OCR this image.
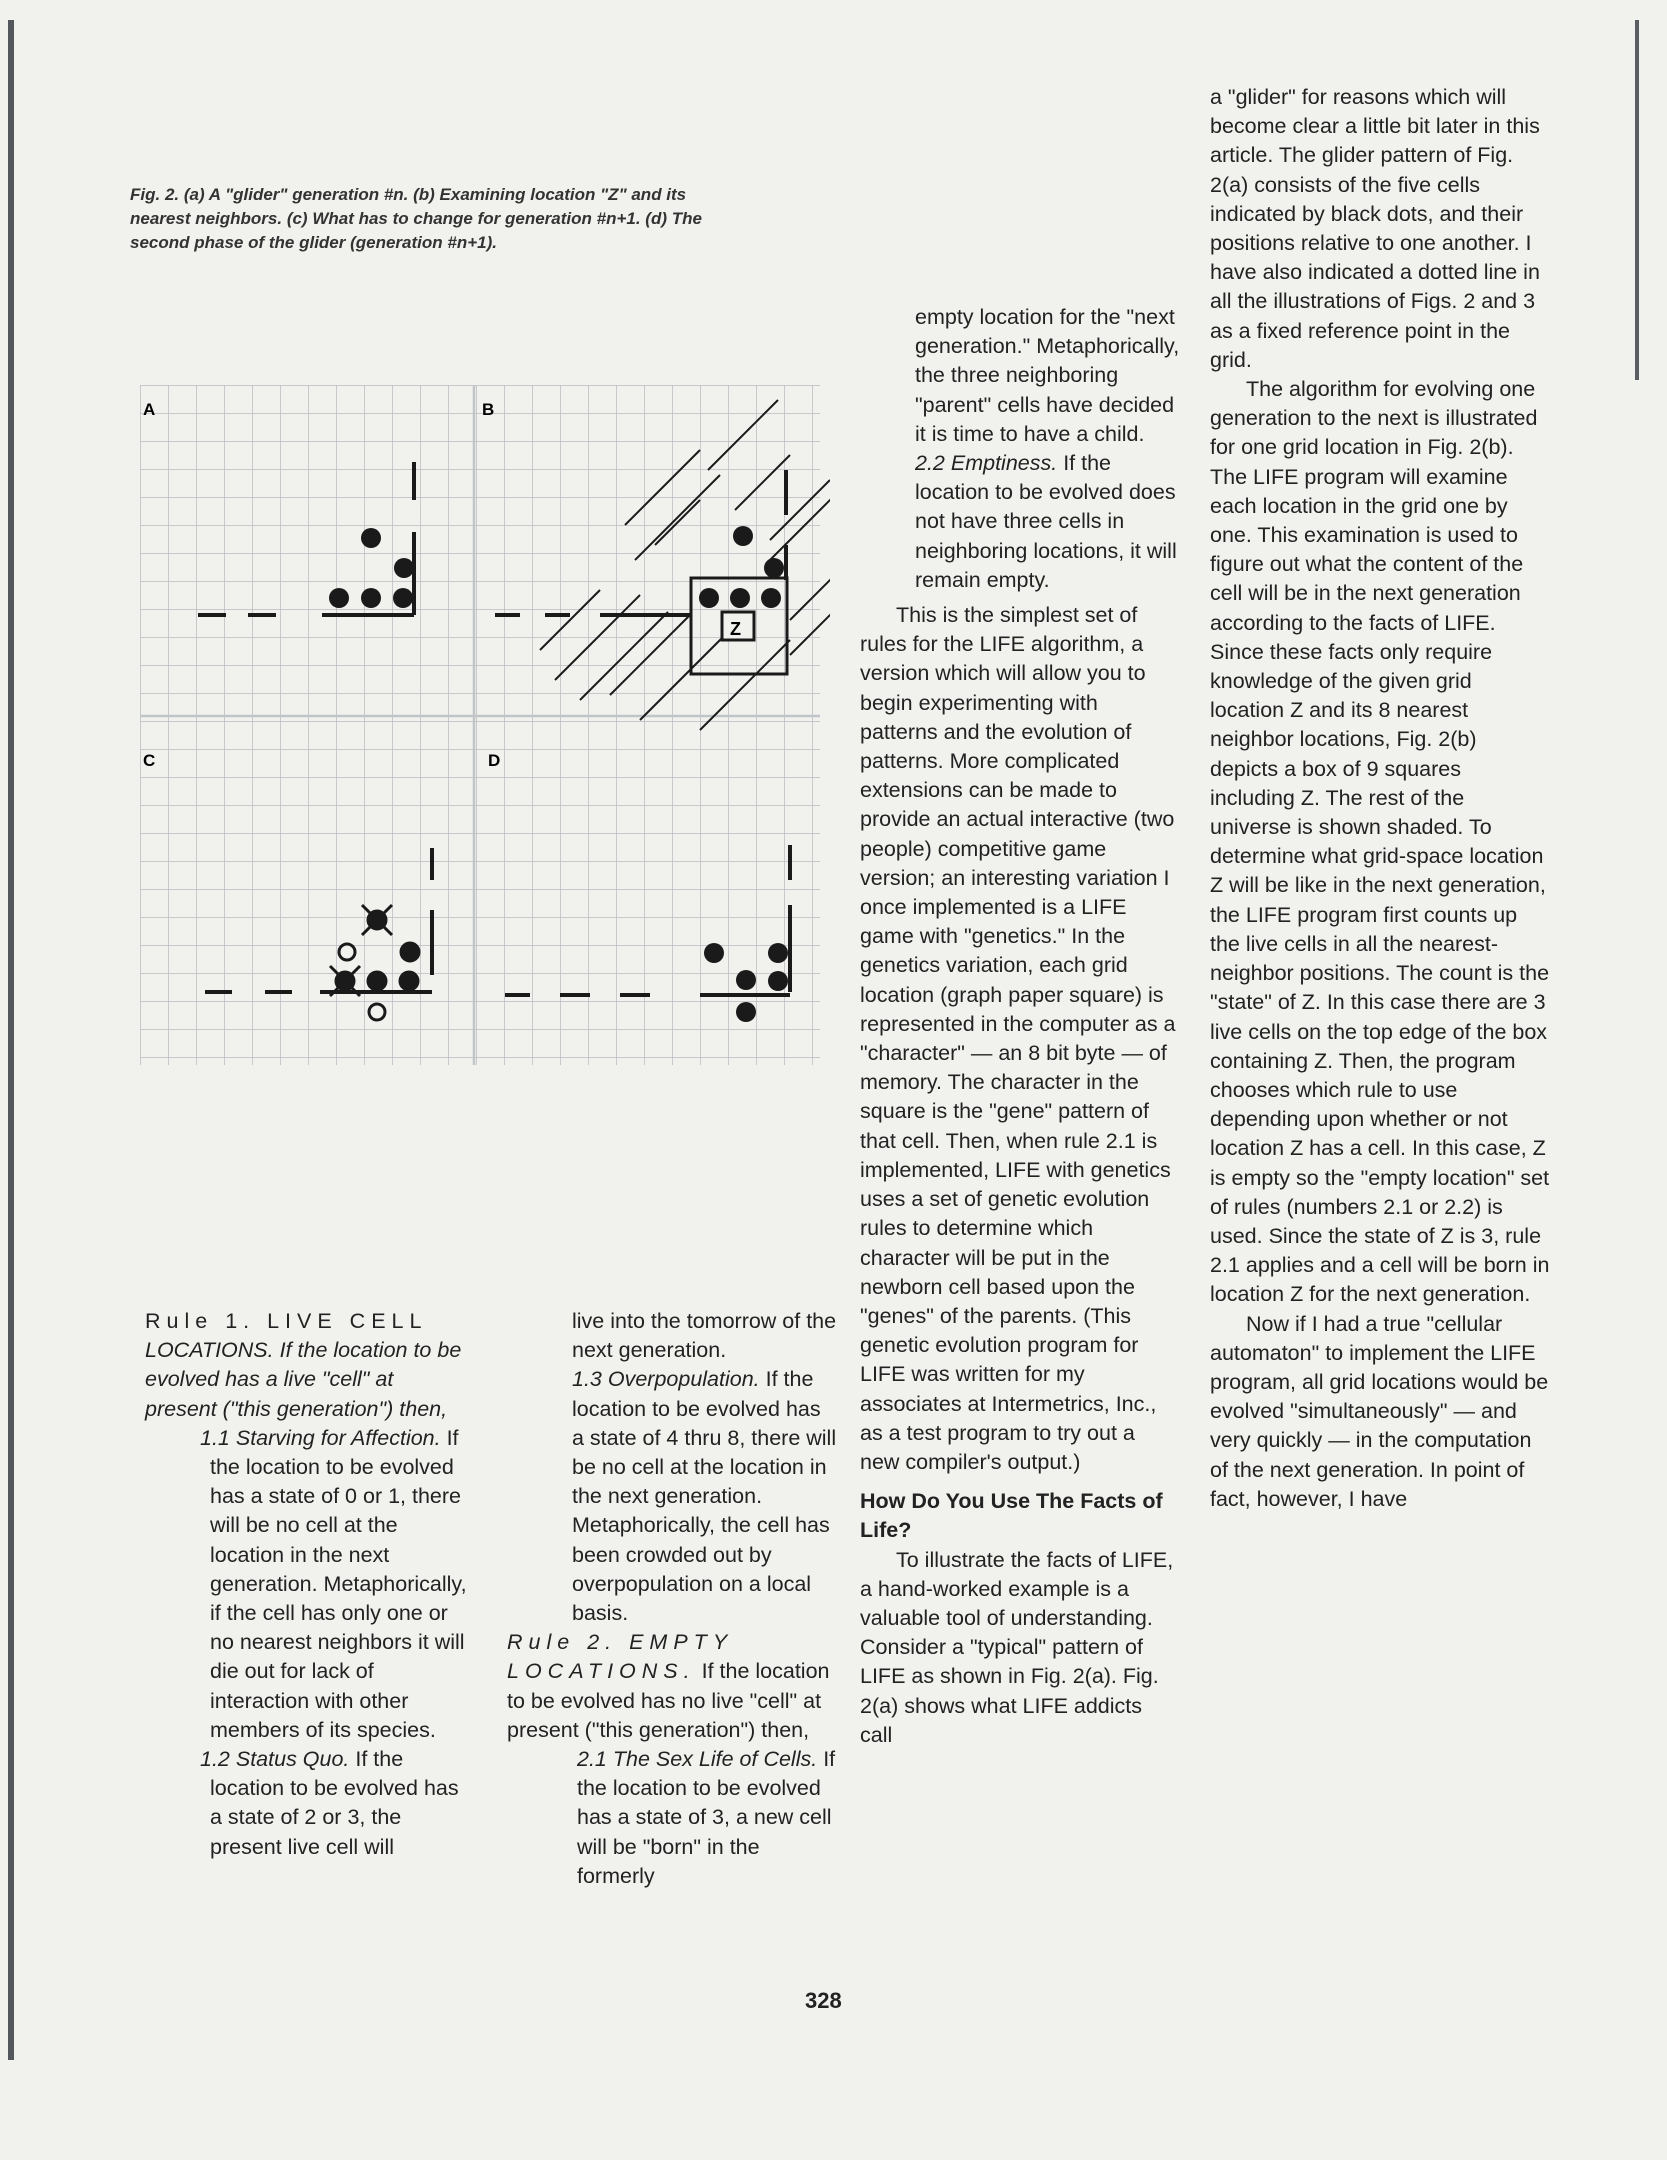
Fig. 2. (a) A "glider" generation #n. (b) Examining location "Z" and its

nearest neighbors. (c) What has to change for generation #n+1. (d) The

second phase of the glider (generation #n+1).

A	B
C	D
Z

Rule 1. LIVE CELL LOCATIONS. If the location to be evolved has a live "cell" at present ("this generation") then,

1.1 Starving for Affection. If the location to be evolved has a state of 0 or 1, there will be no cell at the location in the next generation. Metaphorically, if the cell has only one or no nearest neighbors it will die out for lack of interaction with other members of its species.

1.2 Status Quo. If the location to be evolved has a state of 2 or 3, the present live cell will

live into the tomorrow of the next generation.

1.3 Overpopulation. If the location to be evolved has a state of 4 thru 8, there will be no cell at the location in the next generation. Metaphorically, the cell has been crowded out by overpopulation on a local basis.

Rule 2. EMPTY LOCATIONS. If the location to be evolved has no live "cell" at present ("this generation") then,

2.1 The Sex Life of Cells. If the location to be evolved has a state of 3, a new cell will be "born" in the formerly

empty location for the "next generation." Metaphorically, the three neighboring "parent" cells have decided it is time to have a child.

2.2 Emptiness. If the location to be evolved does not have three cells in neighboring locations, it will remain empty.

This is the simplest set of rules for the LIFE algorithm, a version which will allow you to begin experimenting with patterns and the evolution of patterns. More complicated extensions can be made to provide an actual interactive (two people) competitive game version; an interesting variation I once implemented is a LIFE game with "genetics." In the genetics variation, each grid location (graph paper square) is represented in the computer as a "character" — an 8 bit byte — of memory. The character in the square is the "gene" pattern of that cell. Then, when rule 2.1 is implemented, LIFE with genetics uses a set of genetic evolution rules to determine which character will be put in the newborn cell based upon the "genes" of the parents. (This genetic evolution program for LIFE was written for my associates at Intermetrics, Inc., as a test program to try out a new compiler's output.)

How Do You Use The Facts of Life?

To illustrate the facts of LIFE, a hand-worked example is a valuable tool of understanding. Consider a "typical" pattern of LIFE as shown in Fig. 2(a). Fig. 2(a) shows what LIFE addicts call

a "glider" for reasons which will become clear a little bit later in this article. The glider pattern of Fig. 2(a) consists of the five cells indicated by black dots, and their positions relative to one another. I have also indicated a dotted line in all the illustrations of Figs. 2 and 3 as a fixed reference point in the grid.

The algorithm for evolving one generation to the next is illustrated for one grid location in Fig. 2(b). The LIFE program will examine each location in the grid one by one. This examination is used to figure out what the content of the cell will be in the next generation according to the facts of LIFE. Since these facts only require knowledge of the given grid location Z and its 8 nearest neighbor locations, Fig. 2(b) depicts a box of 9 squares including Z. The rest of the universe is shown shaded. To determine what grid-space location Z will be like in the next generation, the LIFE program first counts up the live cells in all the nearest-neighbor positions. The count is the "state" of Z. In this case there are 3 live cells on the top edge of the box containing Z. Then, the program chooses which rule to use depending upon whether or not location Z has a cell. In this case, Z is empty so the "empty location" set of rules (numbers 2.1 or 2.2) is used. Since the state of Z is 3, rule 2.1 applies and a cell will be born in location Z for the next generation.

Now if I had a true "cellular automaton" to implement the LIFE program, all grid locations would be evolved "simultaneously" — and very quickly — in the computation of the next generation. In point of fact, however, I have

328
